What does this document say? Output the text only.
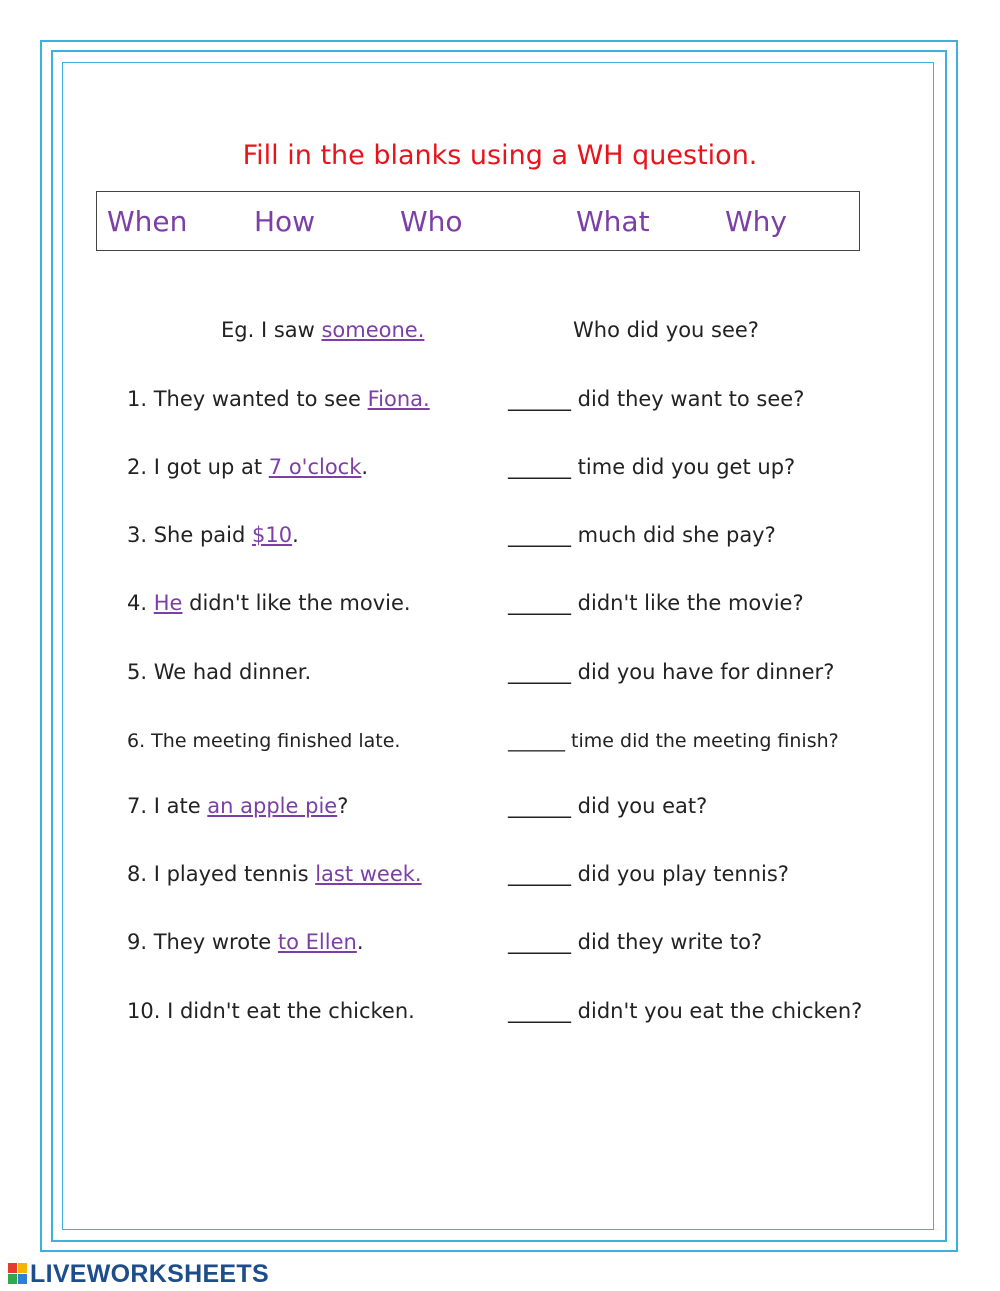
Fill in the blanks using a WH question.
When How	Who	What	Why
Eg. I saw someone.	Who did you see?
1. They wanted to see Fiona.	______ did they want to see?
2. I got up at 7 o'clock.	______ time did you get up?
3. She paid $10.	______ much did she pay?
4. He didn't like the movie.	______ didn't like the movie?
5. We had dinner.	______ did you have for dinner?
6. The meeting finished late.	______ time did the meeting finish?
7. I ate an apple pie?	______ did you eat?
8. I played tennis last week.	______ did you play tennis?
9. They wrote to Ellen.	______ did they write to?
10. I didn't eat the chicken.	______ didn't you eat the chicken?
LIVEWORKSHEETS
